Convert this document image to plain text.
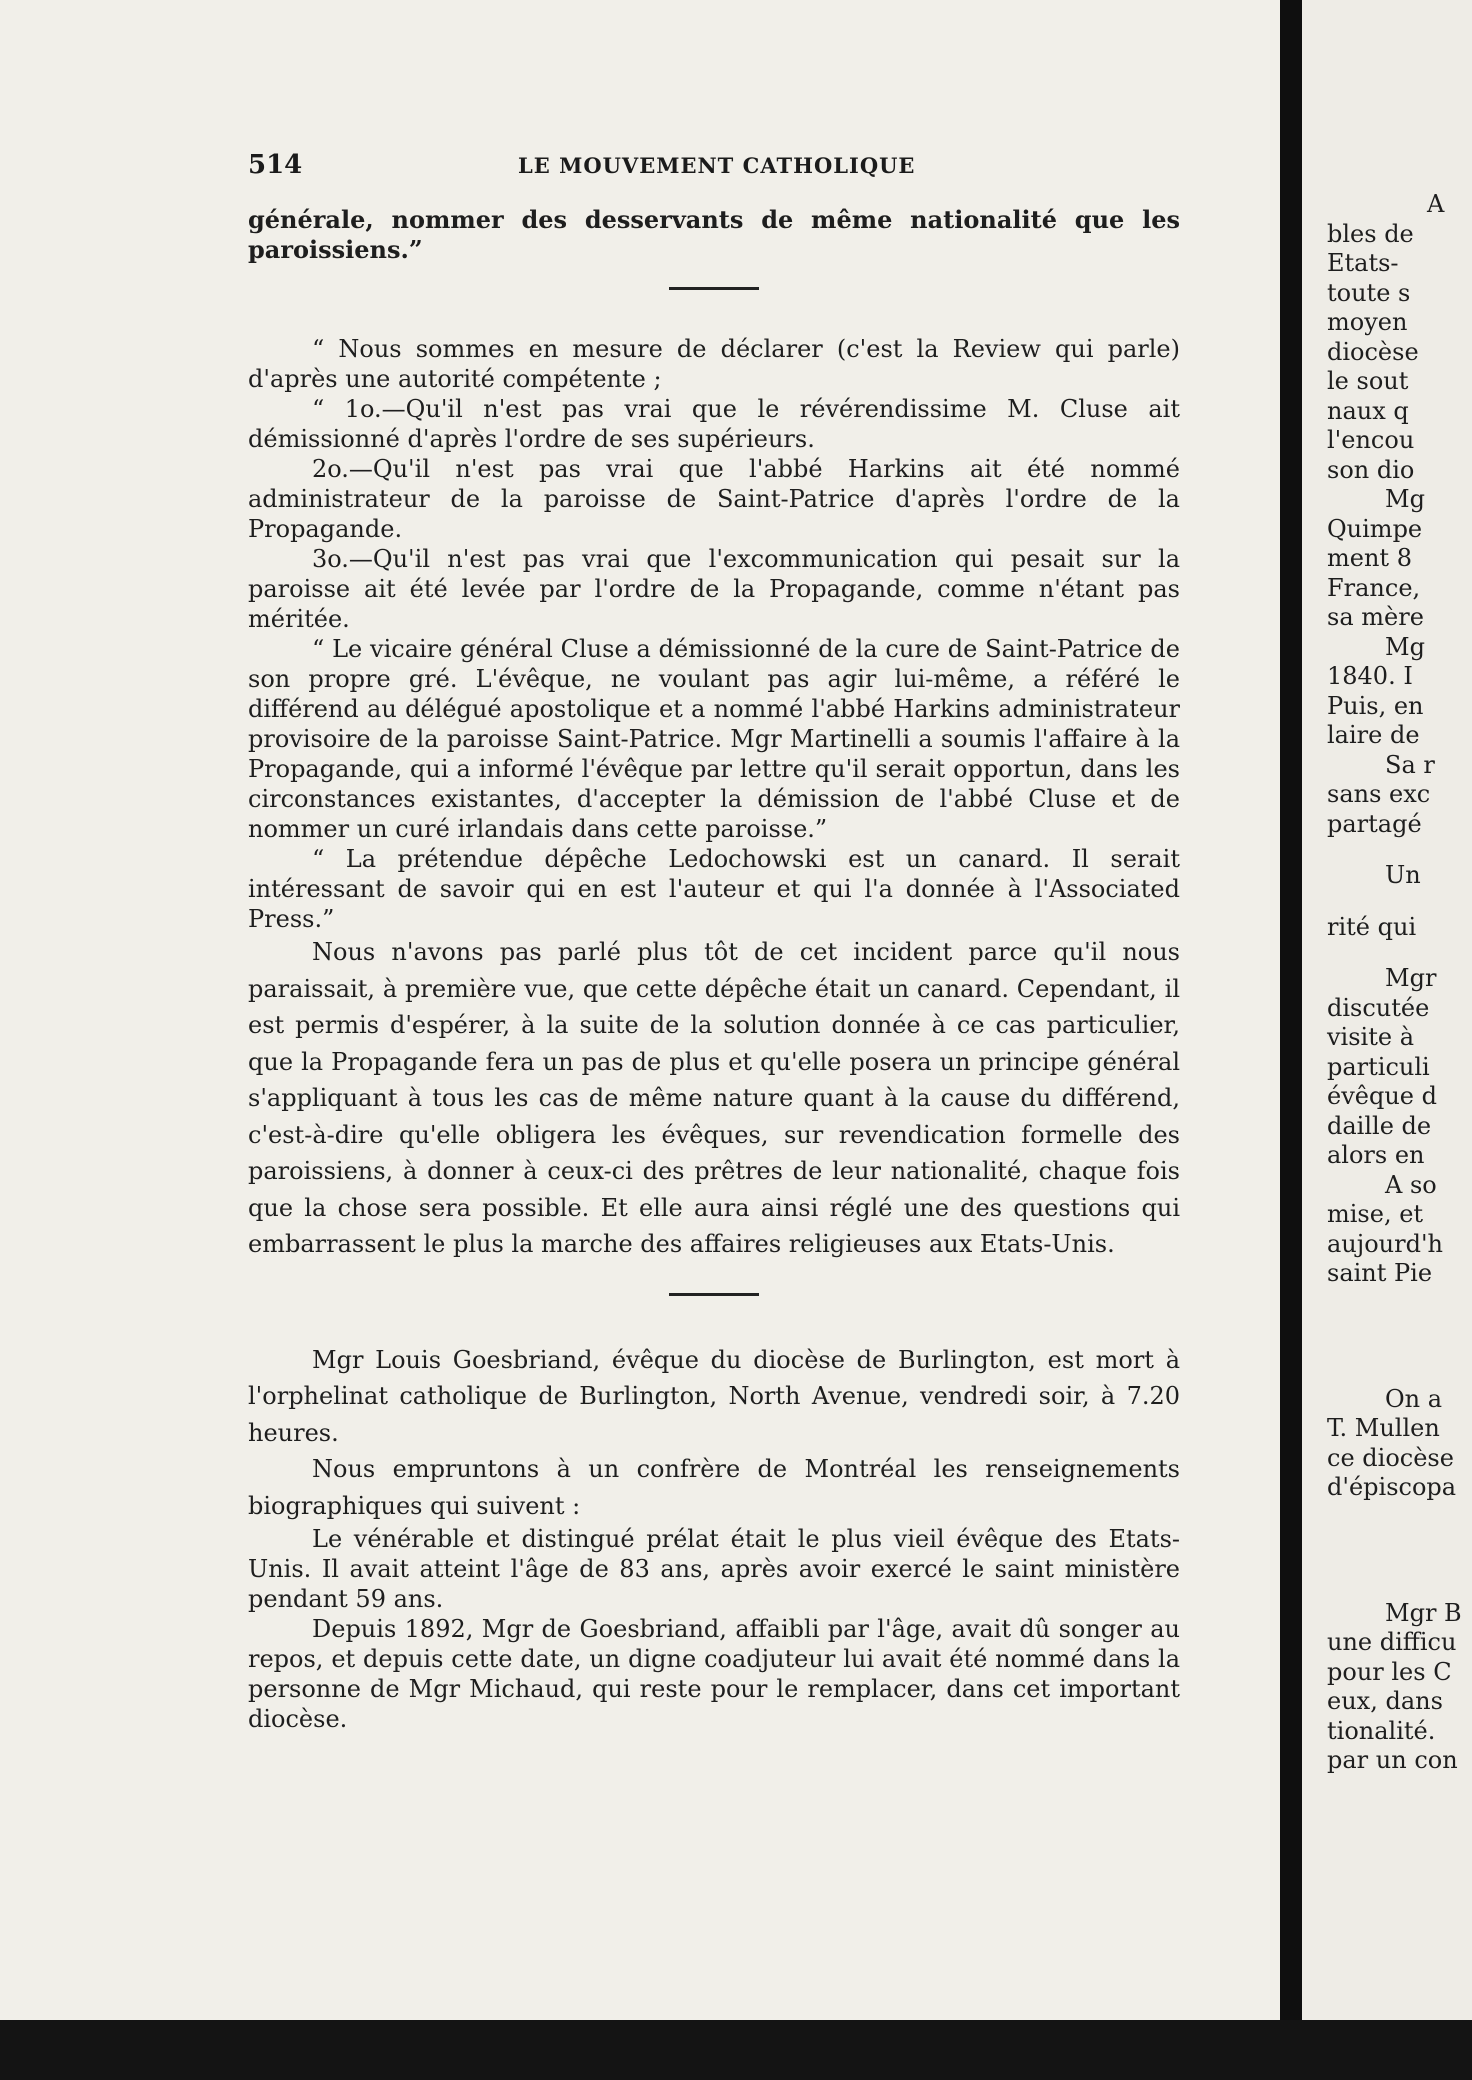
514	LE MOUVEMENT CATHOLIQUE

générale, nommer des desservants de même nationalité que les paroissiens.”

“ Nous sommes en mesure de déclarer (c'est la Review qui parle) d'après une autorité compétente ;

“ 1o.—Qu'il n'est pas vrai que le révérendissime M. Cluse ait démissionné d'après l'ordre de ses supérieurs.

2o.—Qu'il n'est pas vrai que l'abbé Harkins ait été nommé administrateur de la paroisse de Saint-Patrice d'après l'ordre de la Propagande.

3o.—Qu'il n'est pas vrai que l'excommunication qui pesait sur la paroisse ait été levée par l'ordre de la Propagande, comme n'étant pas méritée.

“ Le vicaire général Cluse a démissionné de la cure de Saint-Patrice de son propre gré. L'évêque, ne voulant pas agir lui-même, a référé le différend au délégué apostolique et a nommé l'abbé Harkins administrateur provisoire de la paroisse Saint-Patrice. Mgr Martinelli a soumis l'affaire à la Propagande, qui a informé l'évêque par lettre qu'il serait opportun, dans les circonstances existantes, d'accepter la démission de l'abbé Cluse et de nommer un curé irlandais dans cette paroisse.”

“ La prétendue dépêche Ledochowski est un canard. Il serait intéressant de savoir qui en est l'auteur et qui l'a donnée à l'Associated Press.”

Nous n'avons pas parlé plus tôt de cet incident parce qu'il nous paraissait, à première vue, que cette dépêche était un canard. Cependant, il est permis d'espérer, à la suite de la solution donnée à ce cas particulier, que la Propagande fera un pas de plus et qu'elle posera un principe général s'appliquant à tous les cas de même nature quant à la cause du différend, c'est-à-dire qu'elle obligera les évêques, sur revendication formelle des paroissiens, à donner à ceux-ci des prêtres de leur nationalité, chaque fois que la chose sera possible. Et elle aura ainsi réglé une des questions qui embarrassent le plus la marche des affaires religieuses aux Etats-Unis.

Mgr Louis Goesbriand, évêque du diocèse de Burlington, est mort à l'orphelinat catholique de Burlington, North Avenue, vendredi soir, à 7.20 heures.

Nous empruntons à un confrère de Montréal les renseignements biographiques qui suivent :

Le vénérable et distingué prélat était le plus vieil évêque des Etats-Unis. Il avait atteint l'âge de 83 ans, après avoir exercé le saint ministère pendant 59 ans.

Depuis 1892, Mgr de Goesbriand, affaibli par l'âge, avait dû songer au repos, et depuis cette date, un digne coadjuteur lui avait été nommé dans la personne de Mgr Michaud, qui reste pour le remplacer, dans cet important diocèse.

A
bles de
Etats-
toute s
moyen
diocèse
le sout
naux q
l'encou
son dio
Mg
Quimpe
ment 8
France,
sa mère
Mg
1840. I
Puis, en
laire de
Sa r
sans exc
partagé
Un
rité qui
Mgr
discutée
visite à
particuli
évêque d
daille de
alors en
A so
mise, et
aujourd'h
saint Pie
On a
T. Mullen
ce diocèse
d'épiscopa
Mgr B
une difficu
pour les C
eux, dans
tionalité.
par un con
